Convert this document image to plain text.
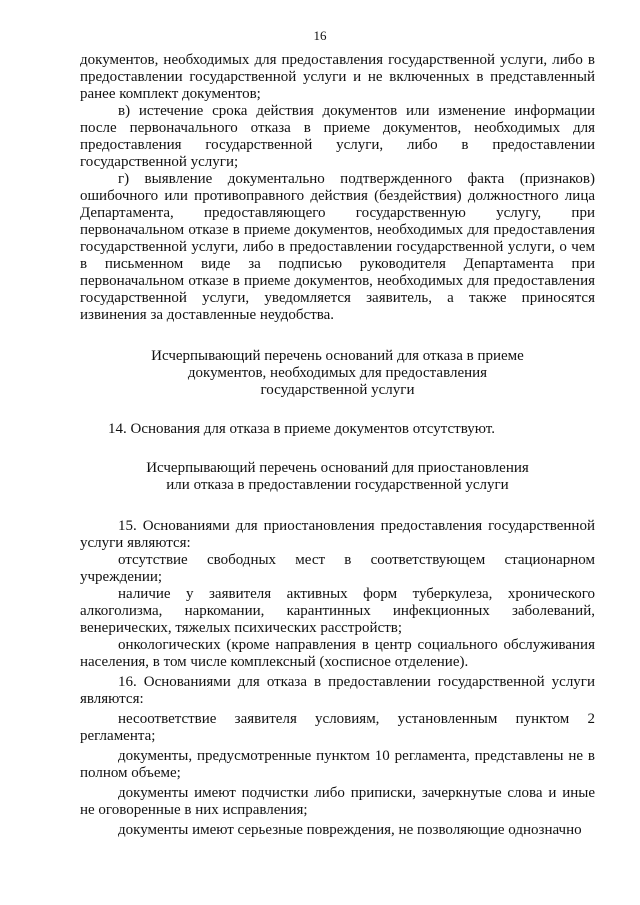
16

документов, необходимых для предоставления государственной услуги, либо в предоставлении государственной услуги и не включенных в представленный ранее комплект документов;

в) истечение срока действия документов или изменение информации после первоначального отказа в приеме документов, необходимых для предоставления государственной услуги, либо в предоставлении государственной услуги;

г) выявление документально подтвержденного факта (признаков) ошибочного или противоправного действия (бездействия) должностного лица Департамента, предоставляющего государственную услугу, при первоначальном отказе в приеме документов, необходимых для предоставления государственной услуги, либо в предоставлении государственной услуги, о чем в письменном виде за подписью руководителя Департамента при первоначальном отказе в приеме документов, необходимых для предоставления государственной услуги, уведомляется заявитель, а также приносятся извинения за доставленные неудобства.

Исчерпывающий перечень оснований для отказа в приеме
документов, необходимых для предоставления
государственной услуги

14. Основания для отказа в приеме документов отсутствуют.

Исчерпывающий перечень оснований для приостановления
или отказа в предоставлении государственной услуги

15. Основаниями для приостановления предоставления государственной услуги являются:

отсутствие свободных мест в соответствующем стационарном учреждении;

наличие у заявителя активных форм туберкулеза, хронического алкоголизма, наркомании, карантинных инфекционных заболеваний, венерических, тяжелых психических расстройств;

онкологических (кроме направления в центр социального обслуживания населения, в том числе комплексный (хосписное отделение).

16. Основаниями для отказа в предоставлении государственной услуги являются:

несоответствие заявителя условиям, установленным пунктом 2 регламента;

документы, предусмотренные пунктом 10 регламента, представлены не в полном объеме;

документы имеют подчистки либо приписки, зачеркнутые слова и иные не оговоренные в них исправления;

документы имеют серьезные повреждения, не позволяющие однозначно
